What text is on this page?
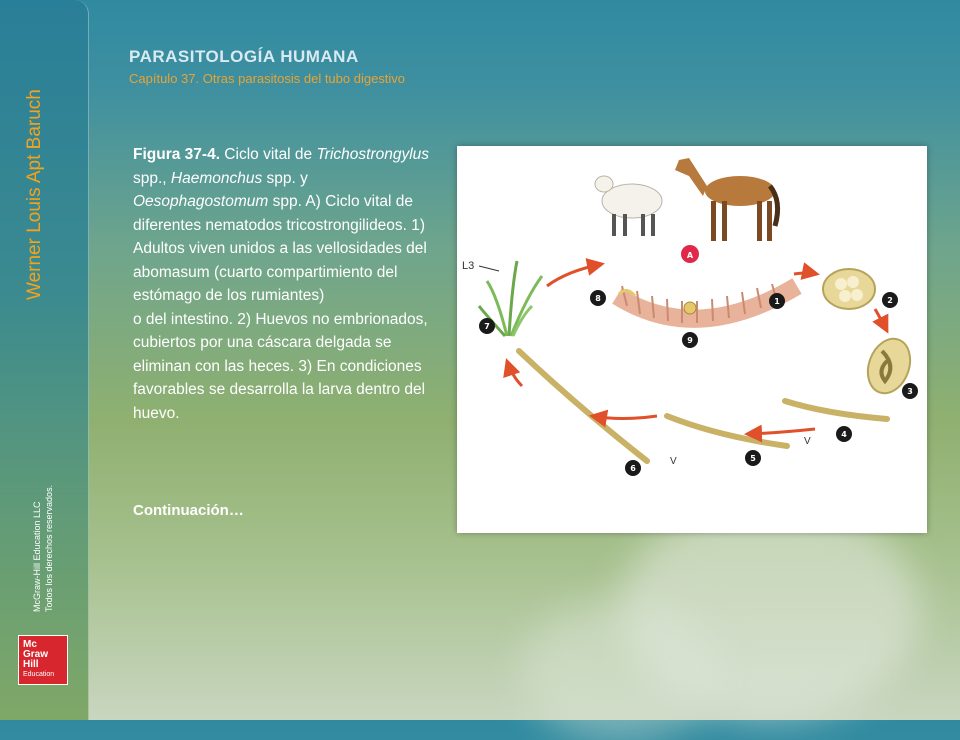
Werner Louis Apt Baruch
McGraw-Hill Education LLC Todos los derechos reservados.
Mc
Graw
Hill
Education
PARASITOLOGÍA HUMANA
Capítulo 37. Otras parasitosis del tubo digestivo

Figura 37-4. Ciclo vital de Trichostrongylus spp., Haemonchus spp. y Oesophagostomum spp. A) Ciclo vital de diferentes nematodos tricostrongilideos. 1) Adultos viven unidos a las vellosidades del abomasum (cuarto compartimiento del estómago de los rumiantes)

o del intestino. 2) Huevos no embrionados, cubiertos por una cáscara delgada se eliminan con las heces. 3) En condiciones favorables se desarrolla la larva dentro del huevo.

Continuación…
A
L3
V
V
1	2
3
4
5
6
7
8
9
